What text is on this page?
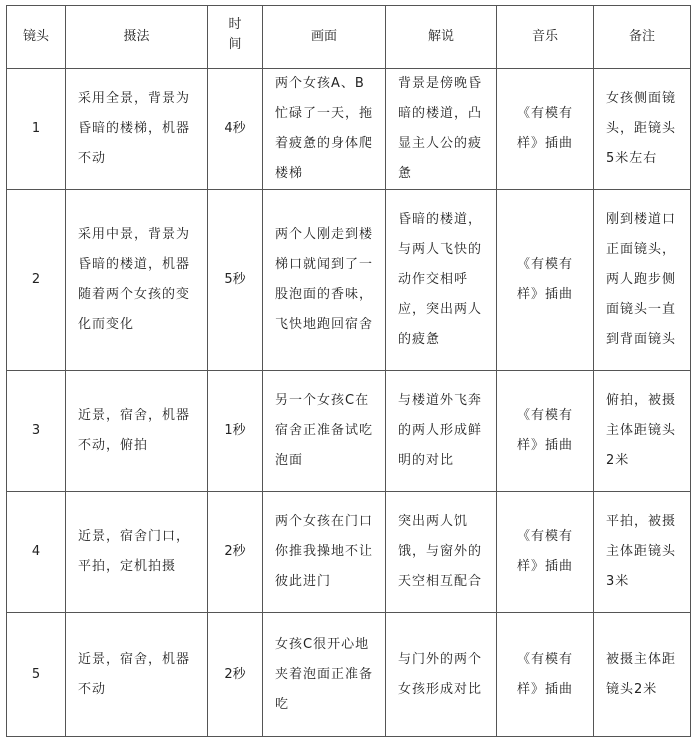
镜头	摄法	时间	画面	解说	音乐	备注
1	采用全景，背景为昏暗的楼梯，机器不动	4秒	两个女孩A、B忙碌了一天，拖着疲惫的身体爬楼梯	背景是傍晚昏暗的楼道，凸显主人公的疲惫	《有模有样》插曲	女孩侧面镜头，距镜头5米左右

2	采用中景，背景为昏暗的楼道，机器随着两个女孩的变化而变化	5秒	两个人刚走到楼梯口就闻到了一股泡面的香味，飞快地跑回宿舍	昏暗的楼道，与两人飞快的动作交相呼应，突出两人的疲惫	《有模有样》插曲	刚到楼道口正面镜头，两人跑步侧面镜头一直到背面镜头

3	近景，宿舍，机器不动，俯拍	1秒	另一个女孩C在宿舍正准备试吃泡面	与楼道外飞奔的两人形成鲜明的对比	《有模有样》插曲	俯拍，被摄主体距镜头2米

4	近景，宿舍门口，平拍，定机拍摄	2秒	两个女孩在门口你推我操地不让彼此进门	突出两人饥饿，与窗外的天空相互配合	《有模有样》插曲	平拍，被摄主体距镜头3米

5	近景，宿舍，机器不动	2秒	女孩C很开心地夹着泡面正准备吃	与门外的两个女孩形成对比	《有模有样》插曲	被摄主体距镜头2米
